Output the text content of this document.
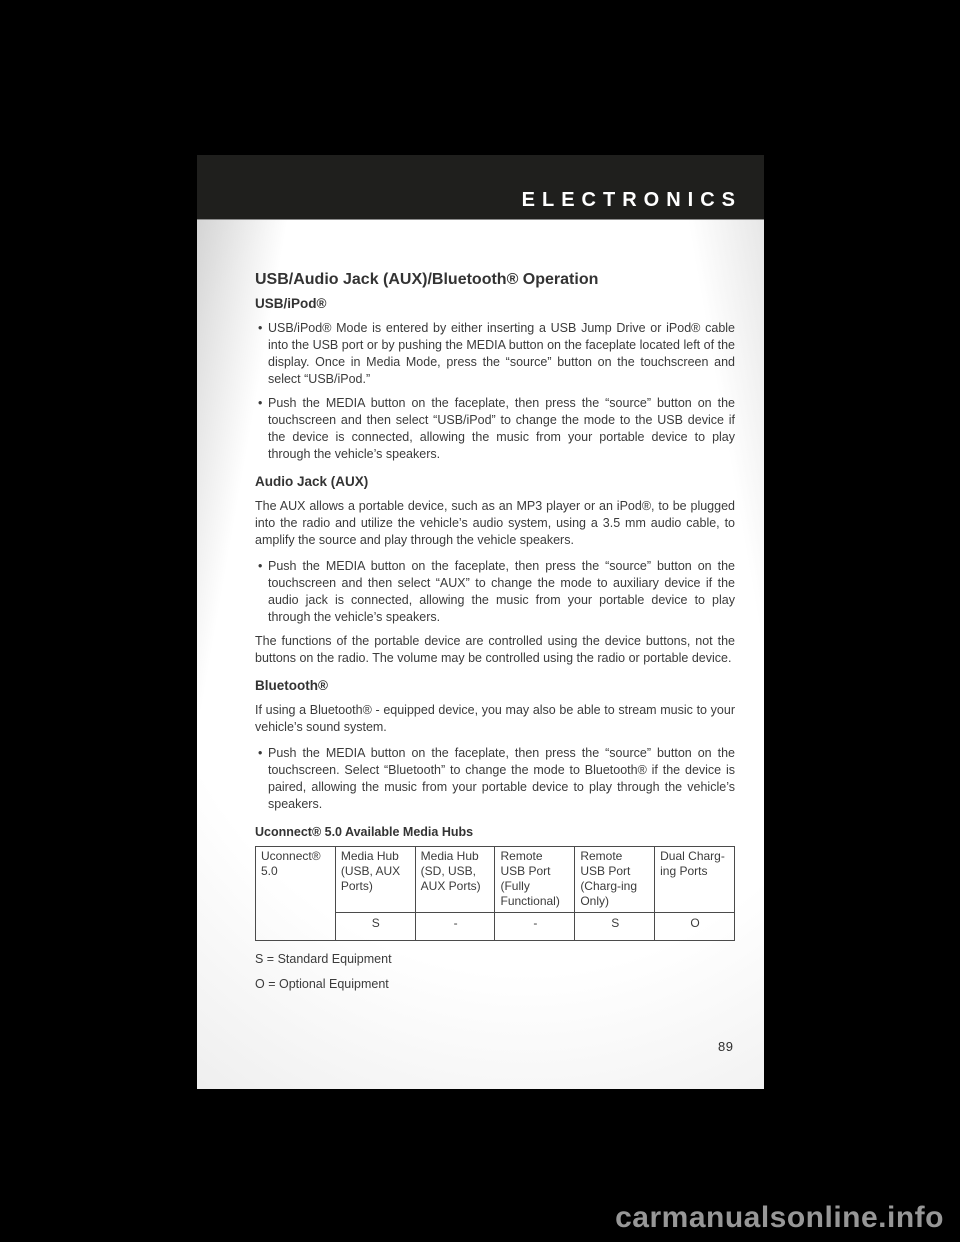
ELECTRONICS
USB/Audio Jack (AUX)/Bluetooth® Operation
USB/iPod®
• USB/iPod® Mode is entered by either inserting a USB Jump Drive or iPod® cable into the USB port or by pushing the MEDIA button on the faceplate located left of the display. Once in Media Mode, press the “source” button on the touchscreen and select “USB/iPod.”

• Push the MEDIA button on the faceplate, then press the “source” button on the touchscreen and then select “USB/iPod” to change the mode to the USB device if the device is connected, allowing the music from your portable device to play through the vehicle’s speakers.

Audio Jack (AUX)

The AUX allows a portable device, such as an MP3 player or an iPod®, to be plugged into the radio and utilize the vehicle’s audio system, using a 3.5 mm audio cable, to amplify the source and play through the vehicle speakers.

• Push the MEDIA button on the faceplate, then press the “source” button on the touchscreen and then select “AUX” to change the mode to auxiliary device if the audio jack is connected, allowing the music from your portable device to play through the vehicle’s speakers.

The functions of the portable device are controlled using the device buttons, not the buttons on the radio. The volume may be controlled using the radio or portable device.

Bluetooth®

If using a Bluetooth® - equipped device, you may also be able to stream music to your vehicle’s sound system.

• Push the MEDIA button on the faceplate, then press the “source” button on the touchscreen. Select “Bluetooth” to change the mode to Bluetooth® if the device is paired, allowing the music from your portable device to play through the vehicle’s speakers.

Uconnect® 5.0 Available Media Hubs
Uconnect® 5.0	Media Hub (USB, AUX Ports)	Media Hub (SD, USB, AUX Ports)	Remote USB Port (Fully Functional)	Remote USB Port (Charg-ing Only)	Dual Charg-ing Ports
	S	-	-	S	O

S = Standard Equipment

O = Optional Equipment

89
carmanualsonline.info
